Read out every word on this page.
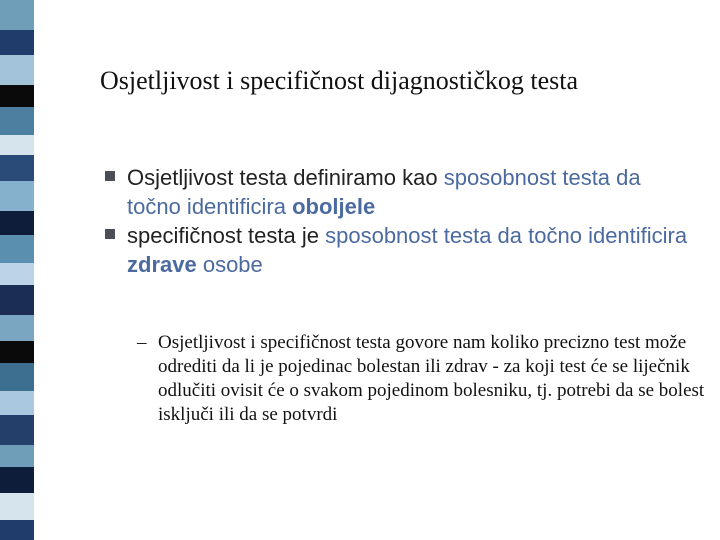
Osjetljivost i specifičnost dijagnostičkog testa
Osjetljivost testa definiramo kao sposobnost testa da točno identificira oboljele
specifičnost testa je sposobnost testa da točno identificira zdrave osobe
– Osjetljivost i specifičnost testa govore nam koliko precizno test može odrediti da li je pojedinac bolestan ili zdrav - za koji test će se liječnik odlučiti ovisit će o svakom pojedinom bolesniku, tj. potrebi da se bolest isključi ili da se potvrdi
